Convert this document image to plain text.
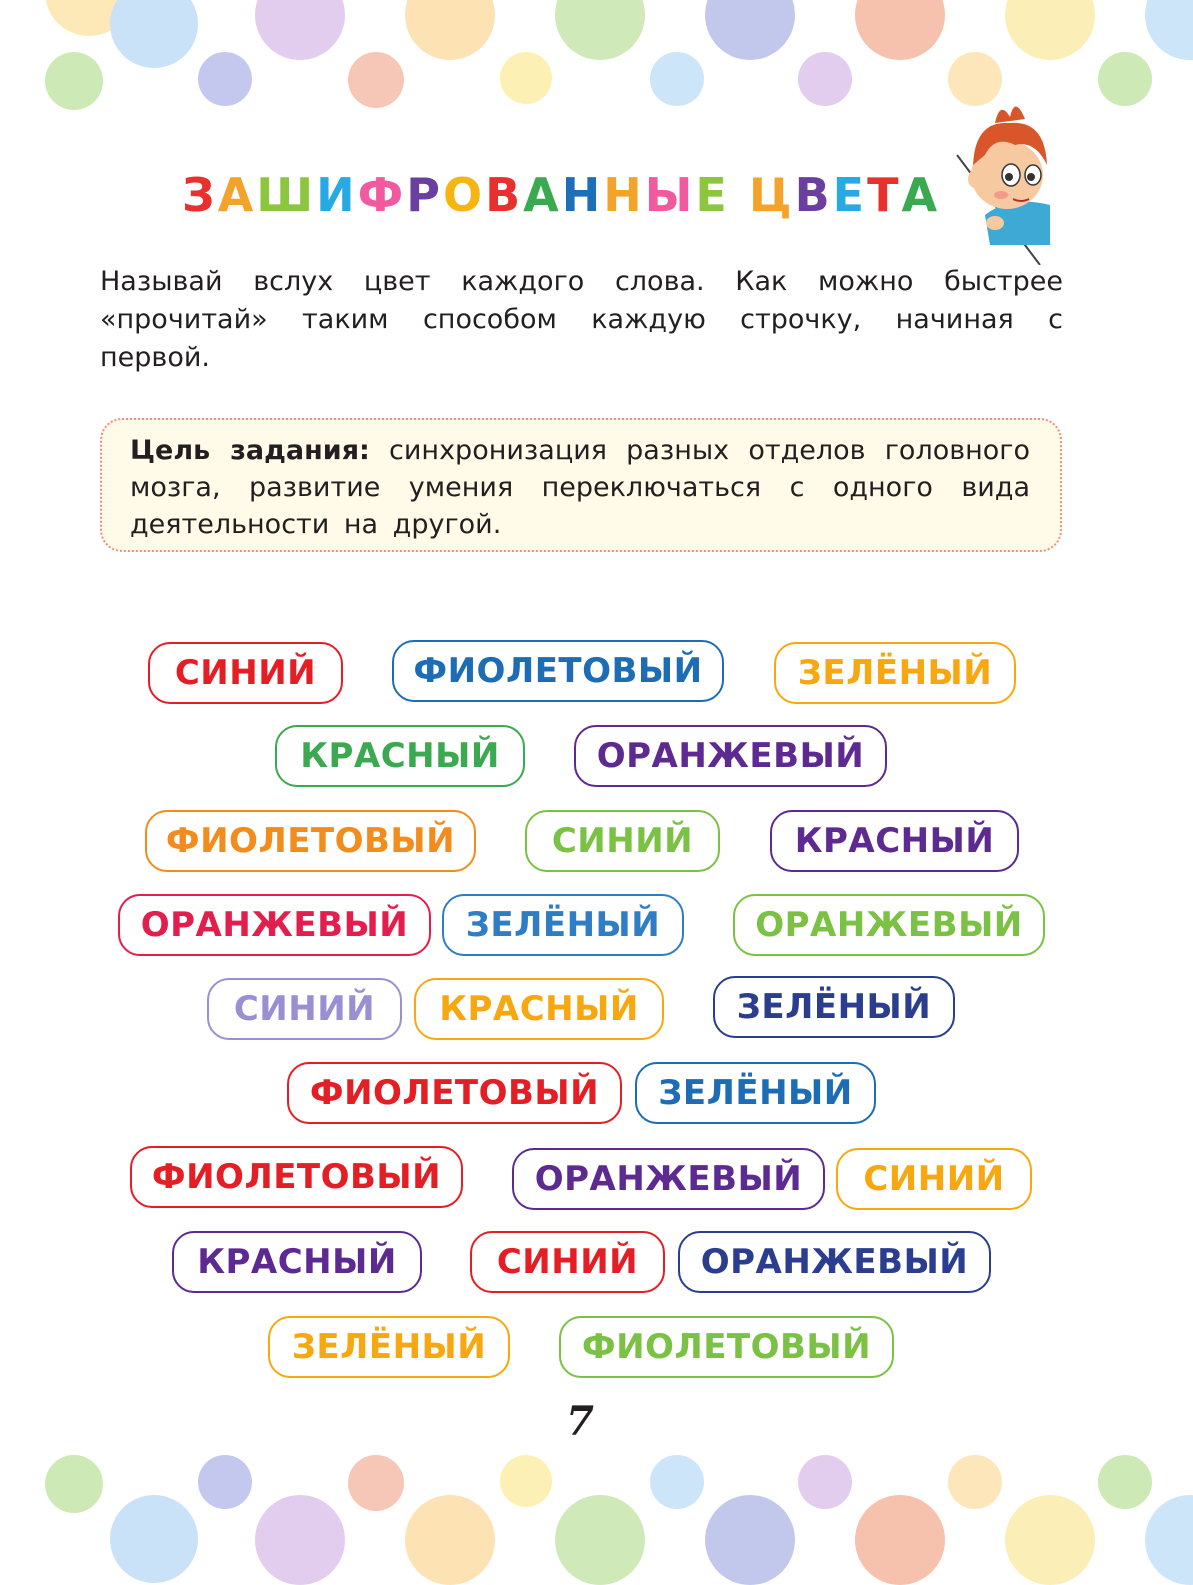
ЗАШИФРОВАННЫЕ ЦВЕТА
Называй вслух цвет каждого слова. Как можно быстрее «прочитай» таким способом каждую строчку, начиная с первой.
Цель задания: синхронизация разных отделов головного мозга, развитие умения переключаться с одного вида деятельности на другой.
СИНИЙ	ФИОЛЕТОВЫЙ	ЗЕЛЁНЫЙ
КРАСНЫЙ	ОРАНЖЕВЫЙ
ФИОЛЕТОВЫЙ	СИНИЙ	КРАСНЫЙ
ОРАНЖЕВЫЙ	ЗЕЛЁНЫЙ	ОРАНЖЕВЫЙ
СИНИЙ	КРАСНЫЙ	ЗЕЛЁНЫЙ
ФИОЛЕТОВЫЙ	ЗЕЛЁНЫЙ
ФИОЛЕТОВЫЙ	ОРАНЖЕВЫЙ	СИНИЙ
КРАСНЫЙ	СИНИЙ	ОРАНЖЕВЫЙ
ЗЕЛЁНЫЙ	ФИОЛЕТОВЫЙ
7
